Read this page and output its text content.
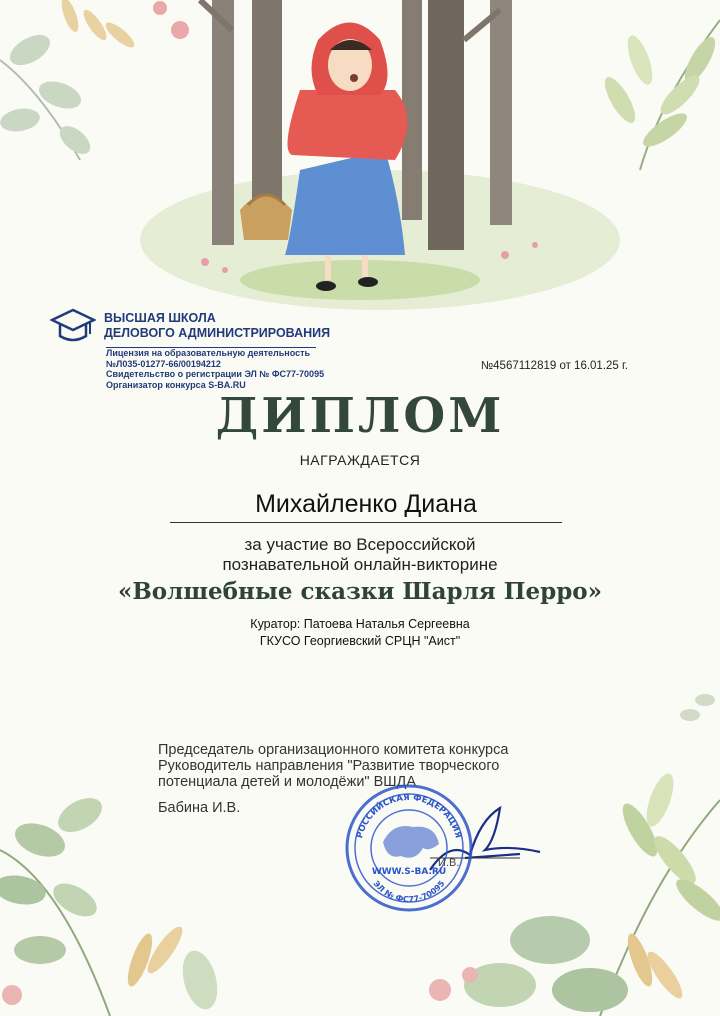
ВЫСШАЯ ШКОЛА
ДЕЛОВОГО АДМИНИСТРИРОВАНИЯ
Лицензия на образовательную деятельность
№Л035-01277-66/00194212
Свидетельство о регистрации ЭЛ № ФС77-70095
Организатор конкурса S-BA.RU
№4567112819 от 16.01.25 г.
ДИПЛОМ
НАГРАЖДАЕТСЯ
Михайленко Диана
за участие во Всероссийской
познавательной онлайн-викторине
«Волшебные сказки Шарля Перро»
Куратор: Патоева Наталья Сергеевна
ГКУСО Георгиевский СРЦН "Аист"
Председатель организационного комитета конкурса
Руководитель направления "Развитие творческого
потенциала детей и молодёжи" ВШДА
Бабина И.В.
РОССИЙСКАЯ ФЕДЕРАЦИЯ
ЭЛ № ФС77-70095
WWW.S-BA.RU
И.В.
